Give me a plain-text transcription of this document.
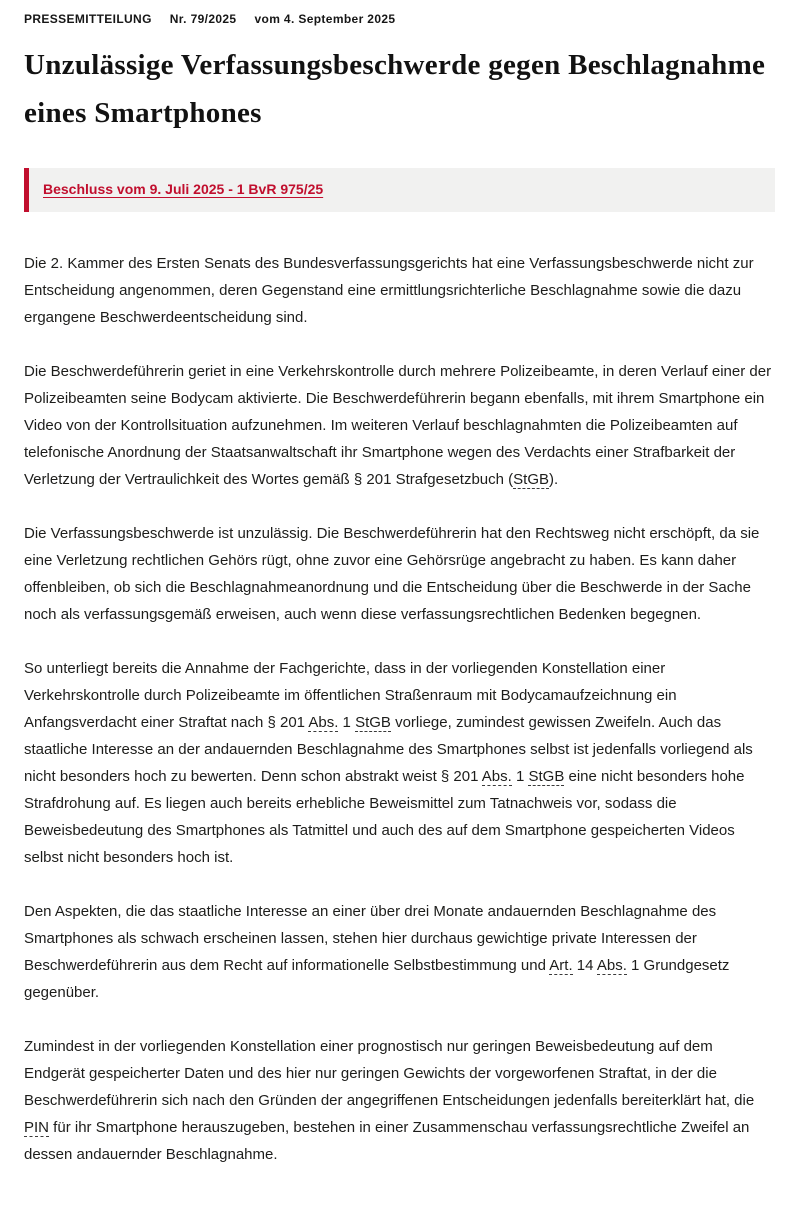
PRESSEMITTEILUNG Nr. 79/2025 vom 4. September 2025
Unzulässige Verfassungsbeschwerde gegen Beschlagnahme eines Smartphones
Beschluss vom 9. Juli 2025 - 1 BvR 975/25

Die 2. Kammer des Ersten Senats des Bundesverfassungsgerichts hat eine Verfassungsbeschwerde nicht zur Entscheidung angenommen, deren Gegenstand eine ermittlungsrichterliche Beschlagnahme sowie die dazu ergangene Beschwerdeentscheidung sind.

Die Beschwerdeführerin geriet in eine Verkehrskontrolle durch mehrere Polizeibeamte, in deren Verlauf einer der Polizeibeamten seine Bodycam aktivierte. Die Beschwerdeführerin begann ebenfalls, mit ihrem Smartphone ein Video von der Kontrollsituation aufzunehmen. Im weiteren Verlauf beschlagnahmten die Polizeibeamten auf telefonische Anordnung der Staatsanwaltschaft ihr Smartphone wegen des Verdachts einer Strafbarkeit der Verletzung der Vertraulichkeit des Wortes gemäß § 201 Strafgesetzbuch (StGB).

Die Verfassungsbeschwerde ist unzulässig. Die Beschwerdeführerin hat den Rechtsweg nicht erschöpft, da sie eine Verletzung rechtlichen Gehörs rügt, ohne zuvor eine Gehörsrüge angebracht zu haben. Es kann daher offenbleiben, ob sich die Beschlagnahmeanordnung und die Entscheidung über die Beschwerde in der Sache noch als verfassungsgemäß erweisen, auch wenn diese verfassungsrechtlichen Bedenken begegnen.

So unterliegt bereits die Annahme der Fachgerichte, dass in der vorliegenden Konstellation einer Verkehrskontrolle durch Polizeibeamte im öffentlichen Straßenraum mit Bodycamaufzeichnung ein Anfangsverdacht einer Straftat nach § 201 Abs. 1 StGB vorliege, zumindest gewissen Zweifeln. Auch das staatliche Interesse an der andauernden Beschlagnahme des Smartphones selbst ist jedenfalls vorliegend als nicht besonders hoch zu bewerten. Denn schon abstrakt weist § 201 Abs. 1 StGB eine nicht besonders hohe Strafdrohung auf. Es liegen auch bereits erhebliche Beweismittel zum Tatnachweis vor, sodass die Beweisbedeutung des Smartphones als Tatmittel und auch des auf dem Smartphone gespeicherten Videos selbst nicht besonders hoch ist.

Den Aspekten, die das staatliche Interesse an einer über drei Monate andauernden Beschlagnahme des Smartphones als schwach erscheinen lassen, stehen hier durchaus gewichtige private Interessen der Beschwerdeführerin aus dem Recht auf informationelle Selbstbestimmung und Art. 14 Abs. 1 Grundgesetz gegenüber.

Zumindest in der vorliegenden Konstellation einer prognostisch nur geringen Beweisbedeutung auf dem Endgerät gespeicherter Daten und des hier nur geringen Gewichts der vorgeworfenen Straftat, in der die Beschwerdeführerin sich nach den Gründen der angegriffenen Entscheidungen jedenfalls bereiterklärt hat, die PIN für ihr Smartphone herauszugeben, bestehen in einer Zusammenschau verfassungsrechtliche Zweifel an dessen andauernder Beschlagnahme.
